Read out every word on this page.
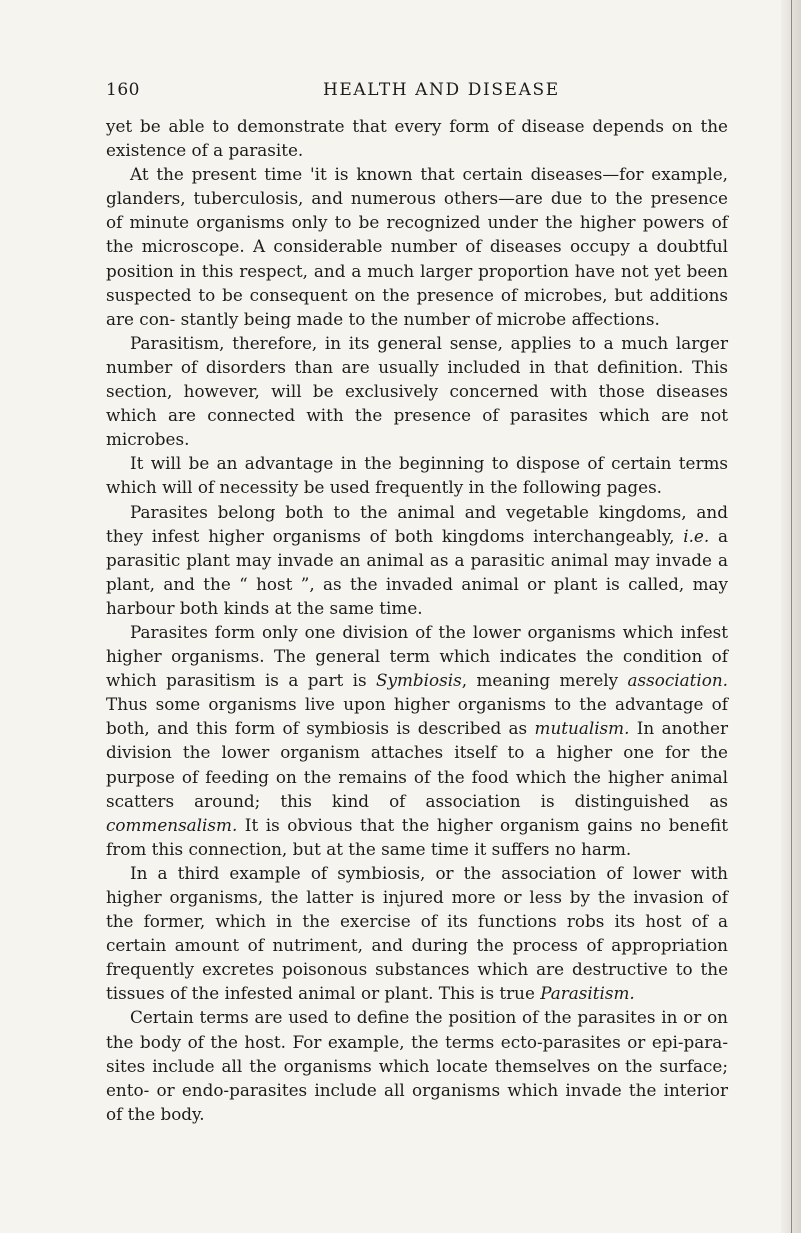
160	HEALTH AND DISEASE

yet be able to demonstrate that every form of disease depends on the existence of a parasite.

At the present time 'it is known that certain diseases—for example, glanders, tuberculosis, and numerous others—are due to the presence of minute organisms only to be recognized under the higher powers of the microscope. A considerable number of diseases occupy a doubtful position in this respect, and a much larger proportion have not yet been suspected to be consequent on the presence of microbes, but additions are con- stantly being made to the number of microbe affections.

Parasitism, therefore, in its general sense, applies to a much larger number of disorders than are usually included in that definition. This section, however, will be exclusively concerned with those diseases which are connected with the presence of parasites which are not microbes.

It will be an advantage in the beginning to dispose of certain terms which will of necessity be used frequently in the following pages.

Parasites belong both to the animal and vegetable kingdoms, and they infest higher organisms of both kingdoms interchangeably, i.e. a parasitic plant may invade an animal as a parasitic animal may invade a plant, and the “ host ”, as the invaded animal or plant is called, may harbour both kinds at the same time.

Parasites form only one division of the lower organisms which infest higher organisms. The general term which indicates the condition of which parasitism is a part is Symbiosis, meaning merely association. Thus some organisms live upon higher organisms to the advantage of both, and this form of symbiosis is described as mutualism. In another division the lower organism attaches itself to a higher one for the purpose of feeding on the remains of the food which the higher animal scatters around; this kind of association is distinguished as commensalism. It is obvious that the higher organism gains no benefit from this connection, but at the same time it suffers no harm.

In a third example of symbiosis, or the association of lower with higher organisms, the latter is injured more or less by the invasion of the former, which in the exercise of its functions robs its host of a certain amount of nutriment, and during the process of appropriation frequently excretes poisonous substances which are destructive to the tissues of the infested animal or plant. This is true Parasitism.

Certain terms are used to define the position of the parasites in or on the body of the host. For example, the terms ecto-parasites or epi-para- sites include all the organisms which locate themselves on the surface; ento- or endo-parasites include all organisms which invade the interior of the body.
